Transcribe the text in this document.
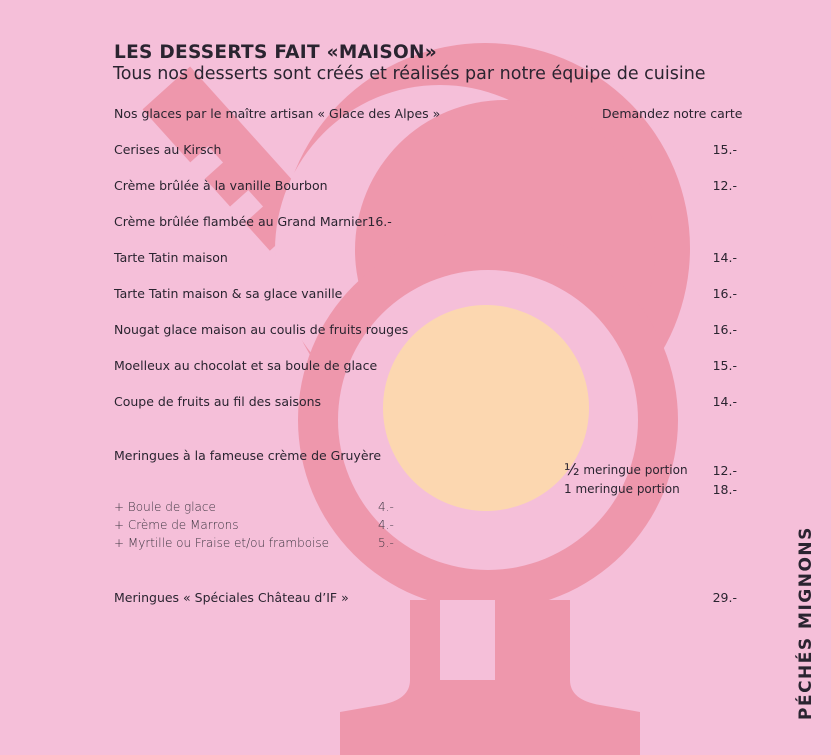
LES DESSERTS FAIT «MAISON»
Tous nos desserts sont créés et réalisés par notre équipe de cuisine
Nos glaces par le maître artisan « Glace des Alpes »	Demandez notre carte
Cerises au Kirsch	15.-
Crème brûlée à la vanille Bourbon	12.-
Crème brûlée flambée au Grand Marnier16.-
Tarte Tatin maison	14.-
Tarte Tatin maison & sa glace vanille	16.-
Nougat glace maison au coulis de fruits rouges	16.-
Moelleux au chocolat et sa boule de glace	15.-
Coupe de fruits au fil des saisons	14.-
Meringues à la fameuse crème de Gruyère
½ meringue portion	12.-
1 meringue portion	18.-
+ Boule de glace	4.-
+ Crème de Marrons	4.-
+ Myrtille ou Fraise et/ou framboise	5.-
Meringues « Spéciales Château d’IF »	29.-	PÉCHÉS MIGNONS
